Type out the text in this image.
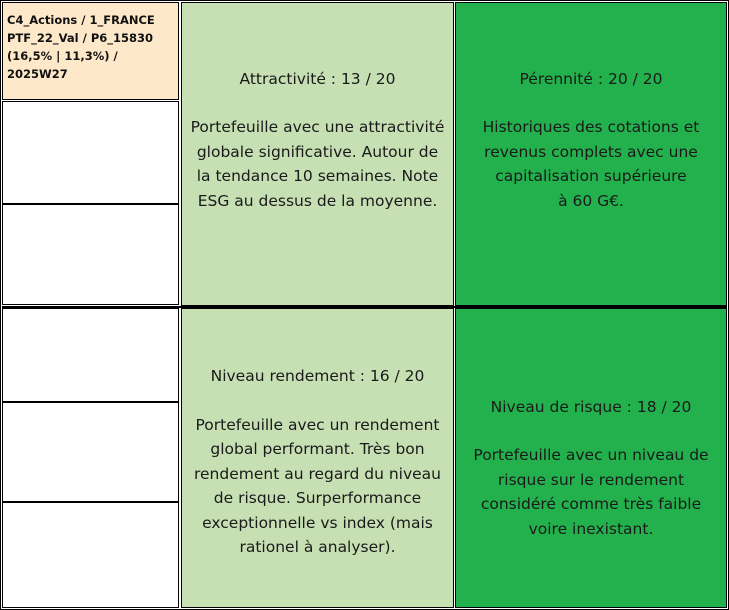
C4_Actions / 1_FRANCE
PTF_22_Val / P6_15830
(16,5% | 11,3%) /
2025W27	Attractivité : 13 / 20
Portefeuille avec une attractivité
globale significative. Autour de
la tendance 10 semaines. Note
ESG au dessus de la moyenne.
Pérennité : 20 / 20
Historiques des cotations et
revenus complets avec une
capitalisation supérieure
à 60 G€.
Niveau rendement : 16 / 20
Portefeuille avec un rendement
global performant. Très bon
rendement au regard du niveau
de risque. Surperformance
exceptionnelle vs index (mais
rationel à analyser).
Niveau de risque : 18 / 20
Portefeuille avec un niveau de
risque sur le rendement
considéré comme très faible
voire inexistant.
